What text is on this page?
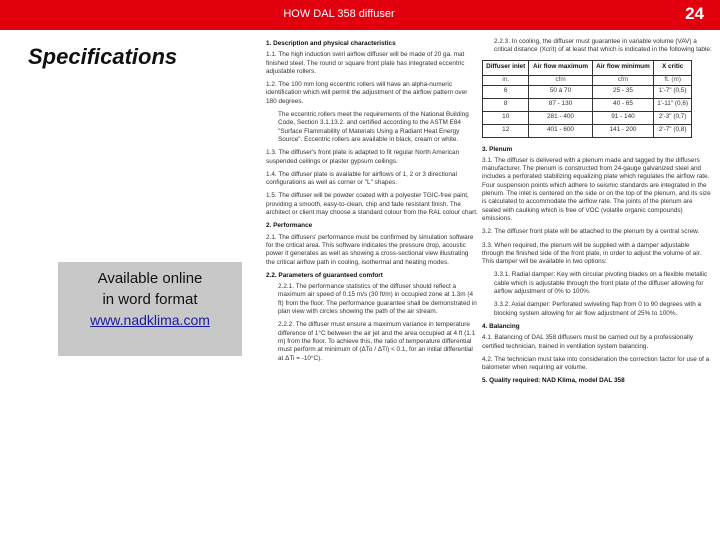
HOW DAL 358 diffuser	24
Specifications
Available online
in word format
www.nadklima.com
1. Description and physical characteristics
1.1. The high induction swirl airflow diffuser will be made of 20 ga. mat finished steel. The round or square front plate has integrated eccentric adjustable rollers.
1.2. The 100 mm long eccentric rollers will have an alpha-numeric identification which will permit the adjustment of the airflow pattern over 180 degrees.
The eccentric rollers meet the requirements of the National Building Code, Section 3.1.13.2. and certified according to the ASTM E84 "Surface Flammability of Materials Using a Radiant Heat Energy Source". Eccentric rollers are available in black, cream or white.
1.3. The diffuser's front plate is adapted to fit regular North American suspended ceilings or plaster gypsum ceilings.
1.4. The diffuser plate is available for airflows of 1, 2 or 3 directional configurations as well as corner or "L" shapes.
1.5. The diffuser will be powder coated with a polyester TGIC-free paint, providing a smooth, easy-to-clean, chip and fade resistant finish. The architect or client may choose a standard colour from the RAL colour chart.
2. Performance
2.1. The diffusers' performance must be confirmed by simulation software for the critical area. This software indicates the pressure drop, acoustic power it generates as well as showing a cross-sectional view illustrating the critical airflow path in cooling, isothermal and heating modes.
2.2. Parameters of guaranteed comfort
2.2.1. The performance statistics of the diffuser should reflect a maximum air speed of 0.15 m/s (30 ft/m) in occupied zone at 1.3m (4 ft) from the floor. The performance guarantee shall be demonstrated in plan view with circles showing the path of the air stream.
2.2.2. The diffuser must ensure a maximum variance in temperature difference of 1°C between the air jet and the area occupied at 4 ft (1.1 m) from the floor. To achieve this, the ratio of temperature differential must perform at minimum of (ΔTo / ΔTi) < 0.1, for an initial differential at ΔTi = -10°C).
2.2.3. In cooling, the diffuser must guarantee in variable volume (VAV) a critical distance (Xcrit) of at least that which is indicated in the following table:
Diffuser inlet	Air flow maximum	Air flow minimum	X critic
in.	cfm	cfm	ft. (m)
6	50 à 70	25 - 35	1'-7" (0,5)
8	87 - 130	40 - 65	1'-11" (0,6)
10	281 - 400	91 - 140	2'-3" (0,7)
12	401 - 600	141 - 200	2'-7" (0,8)
3. Plenum
3.1. The diffuser is delivered with a plenum made and tagged by the diffusers manufacturer. The plenum is constructed from 24-gauge galvanized steel and includes a perforated stabilizing equalizing plate which regulates the airflow rate. Four suspension points which adhere to seismic standards are integrated in the plenum. The inlet is centered on the side or on the top of the plenum, and its size is calculated to accommodate the airflow rate. The joints of the plenum are sealed with caulking which is free of VOC (volatile organic compounds) emissions.
3.2. The diffuser front plate will be attached to the plenum by a central screw.
3.3. When required, the plenum will be supplied with a damper adjustable through the finished side of the front plate, in order to adjust the volume of air. This damper will be available in two options:
3.3.1. Radial damper: Key with circular pivoting blades on a flexible metallic cable which is adjustable through the front plate of the diffuser allowing for airflow adjustment of 0% to 100%.
3.3.2. Axial damper: Perforated swiveling flap from 0 to 90 degrees with a blocking system allowing for air flow adjustment of 25% to 100%.
4. Balancing
4.1. Balancing of DAL 358 diffusers must be carried out by a professionally certified technician, trained in ventilation system balancing.
4.2. The technician must take into consideration the correction factor for use of a balometer when requiring air volume.
5. Quality required: NAD Klima, model DAL 358
